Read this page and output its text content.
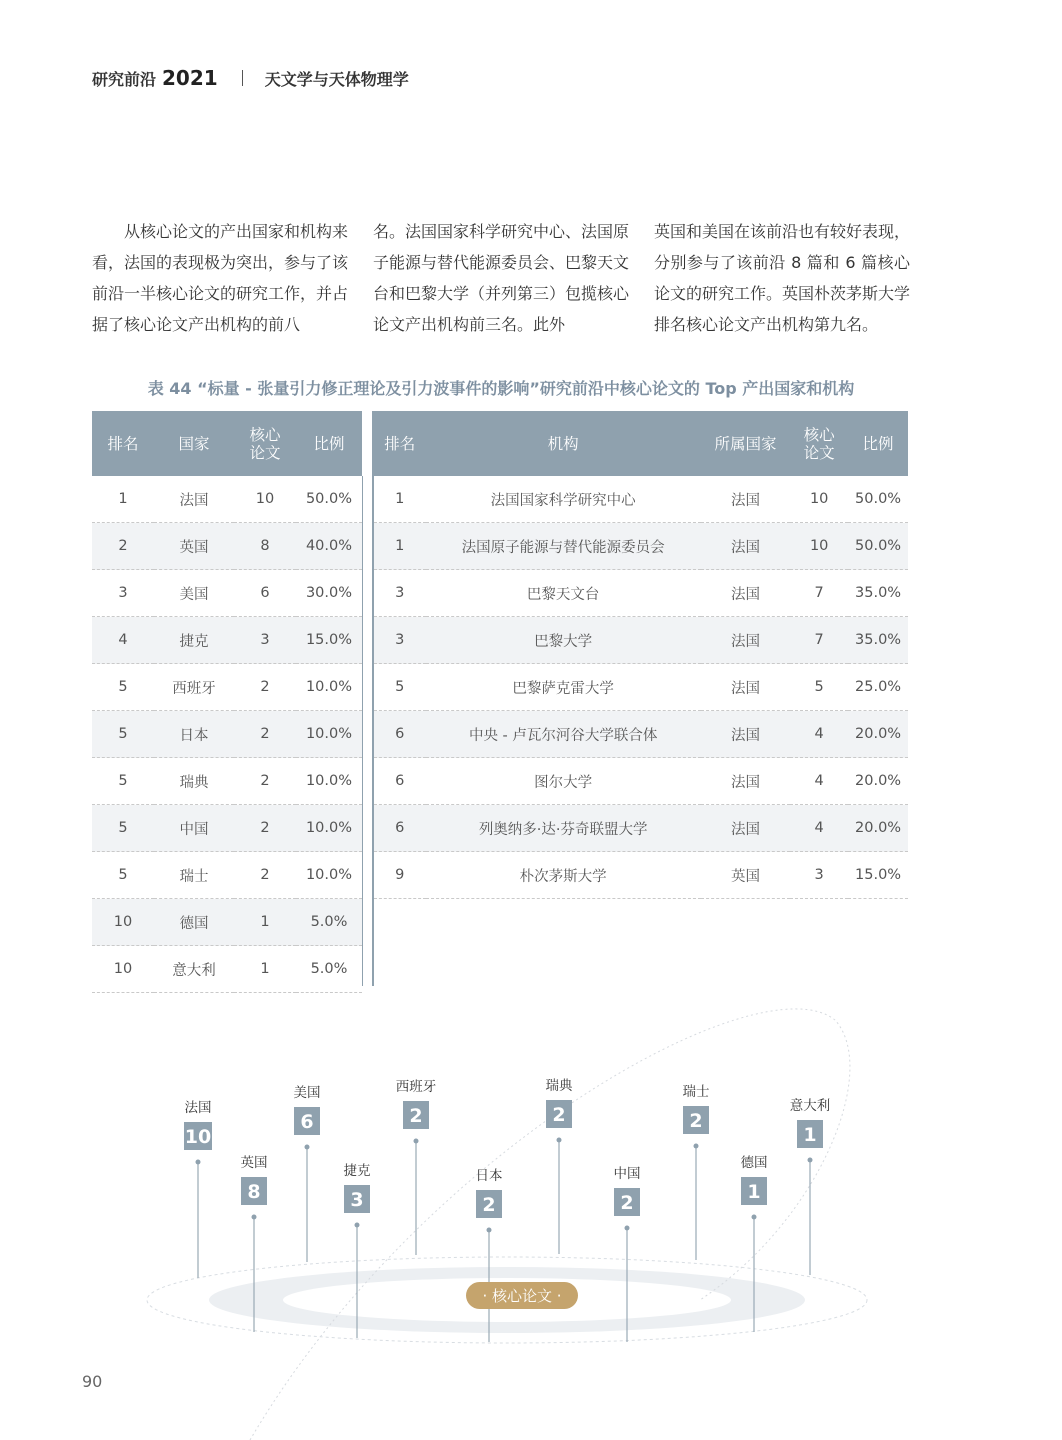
研究前沿 2021	天文学与天体物理学
　　从核心论文的产出国家和机构来看，法国的表现极为突出，参与了该前沿一半核心论文的研究工作，并占据了核心论文产出机构的前八
名。法国国家科学研究中心、法国原子能源与替代能源委员会、巴黎天文台和巴黎大学（并列第三）包揽核心论文产出机构前三名。此外
英国和美国在该前沿也有较好表现，分别参与了该前沿 8 篇和 6 篇核心论文的研究工作。英国朴茨茅斯大学排名核心论文产出机构第九名。
表 44 “标量 - 张量引力修正理论及引力波事件的影响”研究前沿中核心论文的 Top 产出国家和机构
排名	国家	核心论文	比例
1	法国	10	50.0%
2	英国	8	40.0%
3	美国	6	30.0%
4	捷克	3	15.0%
5	西班牙	2	10.0%
5	日本	2	10.0%
5	瑞典	2	10.0%
5	中国	2	10.0%
5	瑞士	2	10.0%
10	德国	1	5.0%
10	意大利	1	5.0%
排名	机构	所属国家	核心论文	比例
1	法国国家科学研究中心	法国	10	50.0%
1	法国原子能源与替代能源委员会	法国	10	50.0%
3	巴黎天文台	法国	7	35.0%
3	巴黎大学	法国	7	35.0%
5	巴黎萨克雷大学	法国	5	25.0%
6	中央 - 卢瓦尔河谷大学联合体	法国	4	20.0%
6	图尔大学	法国	4	20.0%
6	列奥纳多·达·芬奇联盟大学	法国	4	20.0%
9	朴次茅斯大学	英国	3	15.0%
10
法国
8
英国
6
美国
3
捷克
2
西班牙
2
日本
2
瑞典
2
中国
2
瑞士
1
德国
1
意大利
· 核心论文 ·
90
